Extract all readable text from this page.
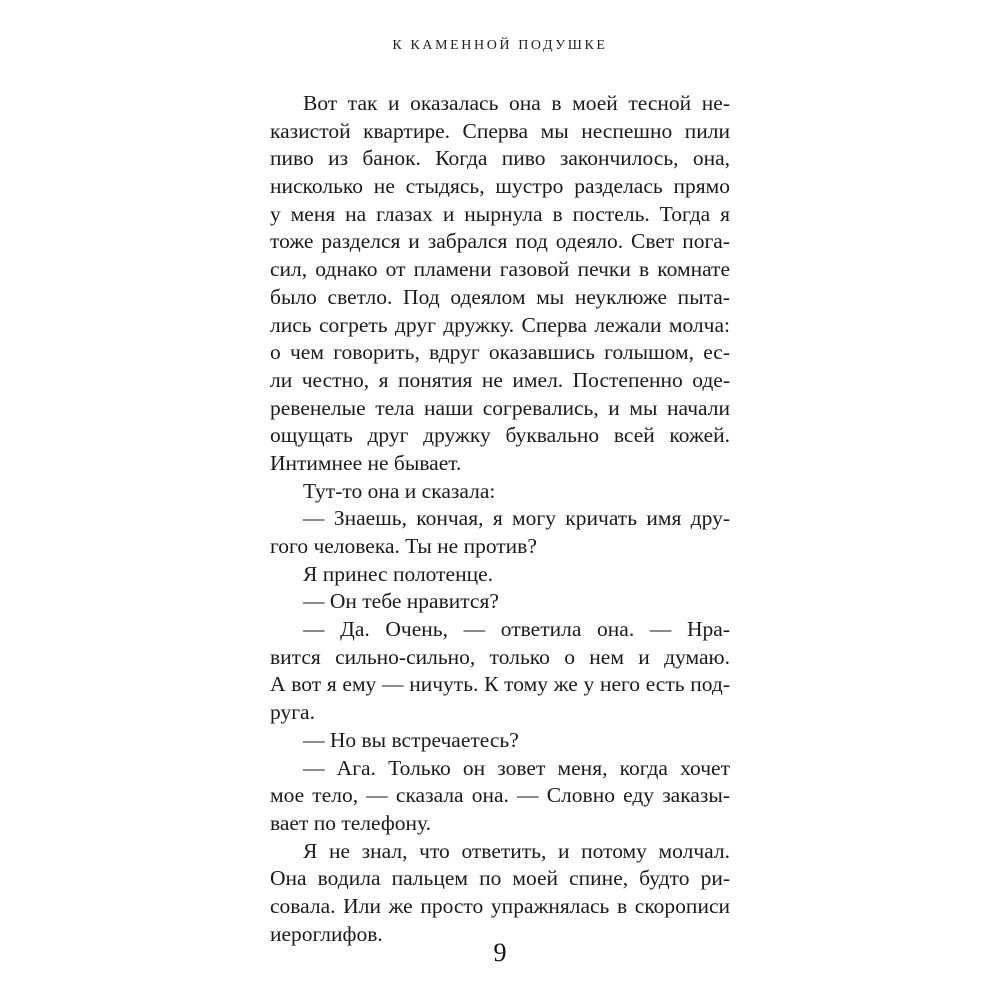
К КАМЕННОЙ ПОДУШКЕ
Вот так и оказалась она в моей тесной не-
казистой квартире. Сперва мы неспешно пили
пиво из банок. Когда пиво закончилось, она,
нисколько не стыдясь, шустро разделась прямо
у меня на глазах и нырнула в постель. Тогда я
тоже разделся и забрался под одеяло. Свет пога-
сил, однако от пламени газовой печки в комнате
было светло. Под одеялом мы неуклюже пыта-
лись согреть друг дружку. Сперва лежали молча:
о чем говорить, вдруг оказавшись голышом, ес-
ли честно, я понятия не имел. Постепенно оде-
ревенелые тела наши согревались, и мы начали
ощущать друг дружку буквально всей кожей.
Интимнее не бывает.
Тут-то она и сказала:
— Знаешь, кончая, я могу кричать имя дру-
гого человека. Ты не против?
Я принес полотенце.
— Он тебе нравится?
— Да. Очень, — ответила она. — Нра-
вится сильно-сильно, только о нем и думаю.
А вот я ему — ничуть. К тому же у него есть под-
руга.
— Но вы встречаетесь?
— Ага. Только он зовет меня, когда хочет
мое тело, — сказала она. — Словно еду заказы-
вает по телефону.
Я не знал, что ответить, и потому молчал.
Она водила пальцем по моей спине, будто ри-
совала. Или же просто упражнялась в скорописи
иероглифов.
9
